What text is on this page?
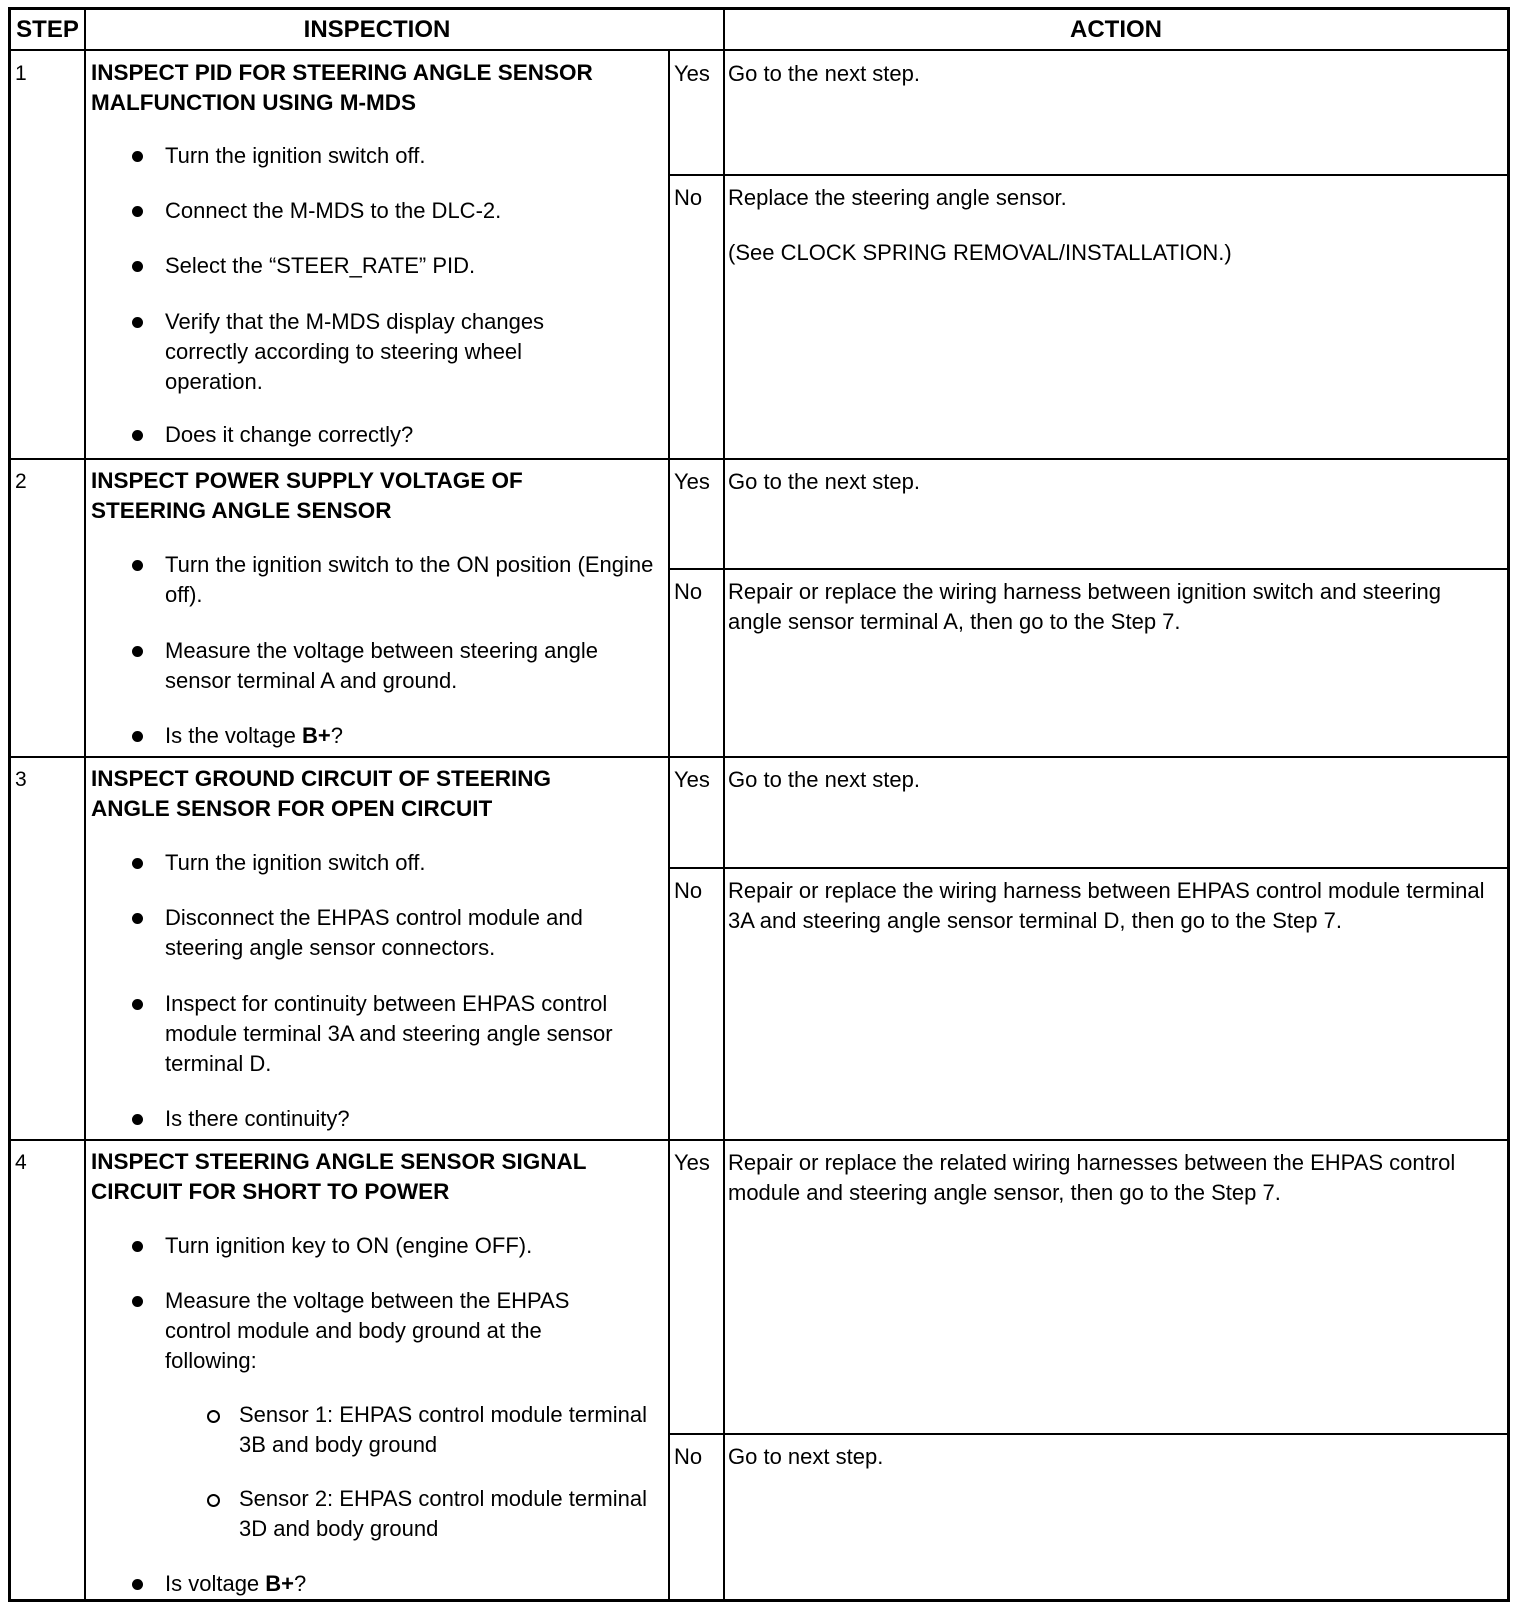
STEP	INSPECTION	ACTION
1	INSPECT PID FOR STEERING ANGLE SENSOR
MALFUNCTION USING M-MDS
Turn the ignition switch off.
Connect the M-MDS to the DLC-2.
Select the “STEER_RATE” PID.
Verify that the M-MDS display changes correctly according to steering wheel operation.
Does it change correctly?
Yes Go to the next step.
No Replace the steering angle sensor.
(See CLOCK SPRING REMOVAL/INSTALLATION.)
2	INSPECT POWER SUPPLY VOLTAGE OF
STEERING ANGLE SENSOR
Turn the ignition switch to the ON position (Engine off).
Measure the voltage between steering angle sensor terminal A and ground.
Is the voltage B+?
Yes Go to the next step.
No Repair or replace the wiring harness between ignition switch and steering angle sensor terminal A, then go to the Step 7.
3	INSPECT GROUND CIRCUIT OF STEERING
ANGLE SENSOR FOR OPEN CIRCUIT
Turn the ignition switch off.
Disconnect the EHPAS control module and steering angle sensor connectors.
Inspect for continuity between EHPAS control module terminal 3A and steering angle sensor terminal D.
Is there continuity?
Yes Go to the next step.
No Repair or replace the wiring harness between EHPAS control module terminal 3A and steering angle sensor terminal D, then go to the Step 7.
4	INSPECT STEERING ANGLE SENSOR SIGNAL
CIRCUIT FOR SHORT TO POWER
Turn ignition key to ON (engine OFF).
Measure the voltage between the EHPAS control module and body ground at the following:
Sensor 1: EHPAS control module terminal 3B and body ground
Sensor 2: EHPAS control module terminal 3D and body ground
Is voltage B+?
Yes Repair or replace the related wiring harnesses between the EHPAS control module and steering angle sensor, then go to the Step 7.
No Go to next step.
